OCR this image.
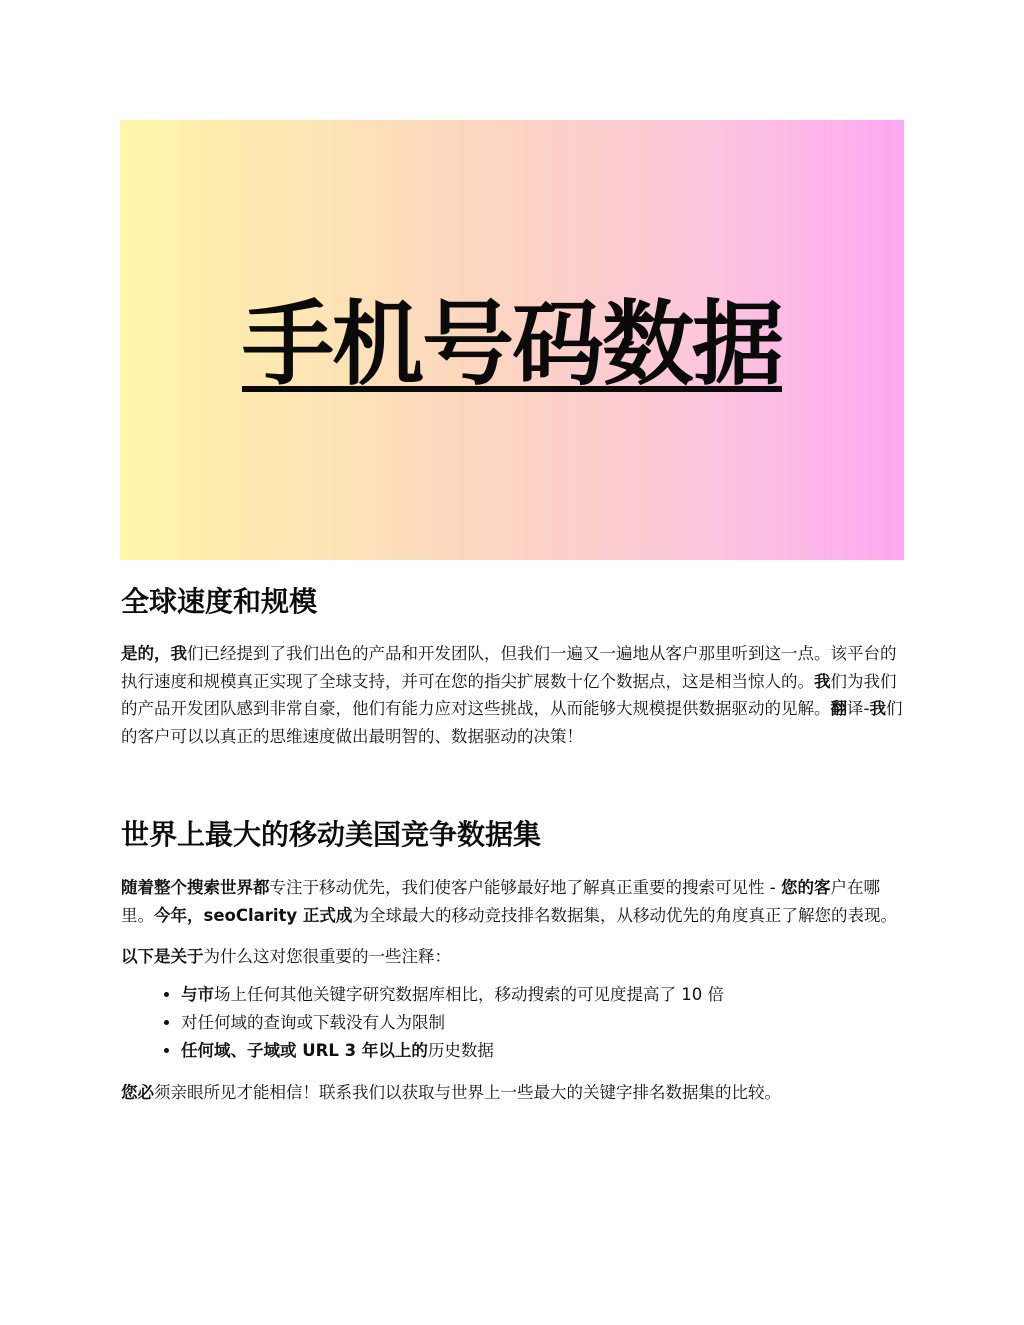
手机号码数据
全球速度和规模

是的，我们已经提到了我们出色的产品和开发团队，但我们一遍又一遍地从客户那里听到这一点。该平台的执行速度和规模真正实现了全球支持，并可在您的指尖扩展数十亿个数据点，这是相当惊人的。我们为我们的产品开发团队感到非常自豪，他们有能力应对这些挑战，从而能够大规模提供数据驱动的见解。翻译-我们的客户可以以真正的思维速度做出最明智的、数据驱动的决策！

世界上最大的移动美国竞争数据集

随着整个搜索世界都专注于移动优先，我们使客户能够最好地了解真正重要的搜索可见性 - 您的客户在哪里。今年，seoClarity 正式成为全球最大的移动竞技排名数据集，从移动优先的角度真正了解您的表现。

以下是关于为什么这对您很重要的一些注释：

• 与市场上任何其他关键字研究数据库相比，移动搜索的可见度提高了 10 倍
• 对任何域的查询或下载没有人为限制
• 任何域、子域或 URL 3 年以上的历史数据

您必须亲眼所见才能相信！联系我们以获取与世界上一些最大的关键字排名数据集的比较。
